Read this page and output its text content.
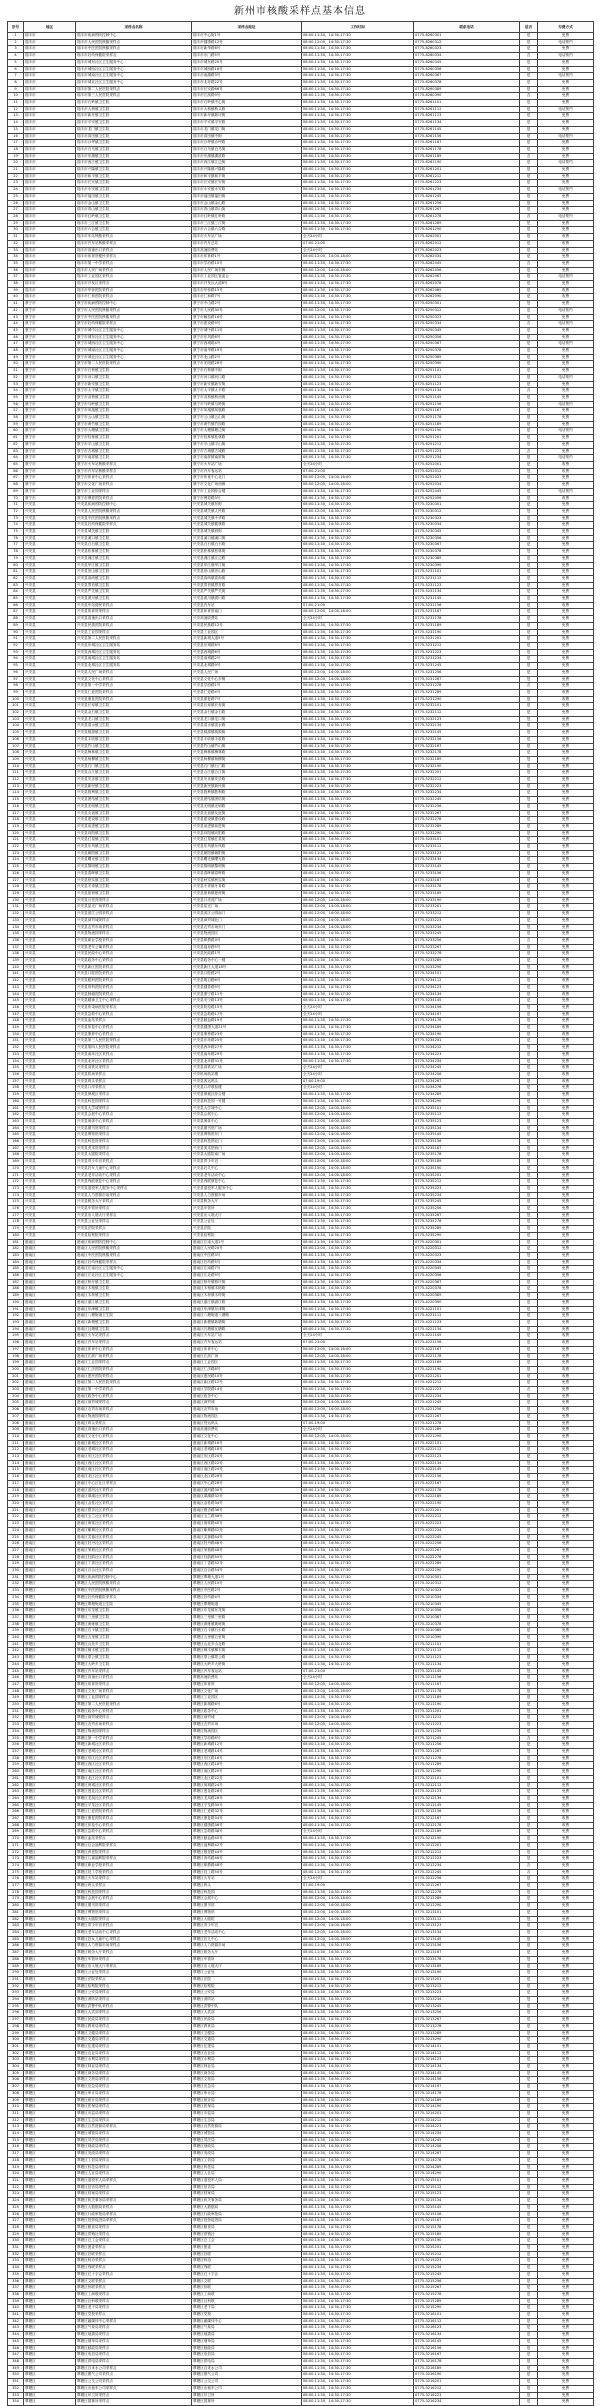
新州市核酸采样点基本信息
序号	地区	采样点名称	采样点地址	工作时间	联系电话	是否	付费方式
1	瑞丰市	瑞丰市疾病预防控制中心	瑞丰市中心街1号	08:00-11:30，14:30-17:30	0775-8260301	是	免费
2	瑞丰市	瑞丰市人民医院核酸采样点	瑞丰市健康路12号	08:00-12:00，14:30-17:30	0775-8260312	是	电话预约
3	瑞丰市	瑞丰市中医医院核酸采样点	瑞丰市新华路8号	08:00-11:30，14:30-17:30	0775-8260323	是	免费
4	瑞丰市	瑞丰市妇幼保健院采样点	瑞丰市东门路5号	08:00-11:30，14:30-17:30	0775-8260334	否	电话预约
5	瑞丰市	瑞丰市城东社区卫生服务中心	瑞丰市城东路20号	08:00-11:30，14:30-17:30	0775-8260345	是	免费
6	瑞丰市	瑞丰市城西社区卫生服务中心	瑞丰市城西路18号	08:00-11:30，14:30-17:30	0775-8260356	是	免费
7	瑞丰市	瑞丰市城南社区卫生服务中心	瑞丰市南湖路3号	08:00-11:30，14:30-17:30	0775-8260367	是	电话预约
8	瑞丰市	瑞丰市城北社区卫生服务中心	瑞丰市北环路22号	08:00-11:30，14:30-17:30	0775-8260378	是	免费
9	瑞丰市	瑞丰市第二人民医院采样点	瑞丰市长安路66号	08:00-11:30，14:30-17:30	0775-8260389	是	免费
10	瑞丰市	瑞丰市第三人民医院采样点	瑞丰市江滨路9号	08:00-11:30，14:30-17:30	0775-8260390	否	免费
11	瑞丰市	瑞丰市石岭镇卫生院	瑞丰市石岭镇中心街	08:00-11:30，14:30-17:30	0775-8261101	是	免费
12	瑞丰市	瑞丰市大桥镇卫生院	瑞丰市大桥镇桥头路	08:00-11:30，14:30-17:30	0775-8261112	是	电话预约
13	瑞丰市	瑞丰市新圩镇卫生院	瑞丰市新圩镇新圩街	08:00-11:30，14:30-17:30	0775-8261123	是	免费
14	瑞丰市	瑞丰市平安镇卫生院	瑞丰市平安镇平安路	08:00-11:30，14:30-17:30	0775-8261134	是	免费
15	瑞丰市	瑞丰市龙门镇卫生院	瑞丰市龙门镇龙门街	08:00-11:30，14:30-17:30	0775-8261145	是	免费
16	瑞丰市	瑞丰市高田镇卫生院	瑞丰市高田镇中街	08:00-11:30，14:30-17:30	0775-8261156	是	电话预约
17	瑞丰市	瑞丰市沙坪镇卫生院	瑞丰市沙坪镇沙坪路	08:00-11:30，14:30-17:30	0775-8261167	是	免费
18	瑞丰市	瑞丰市白马镇卫生院	瑞丰市白马镇白马街	08:00-11:30，14:30-17:30	0775-8261178	是	免费
19	瑞丰市	瑞丰市东湖镇卫生院	瑞丰市东湖镇湖滨路	08:00-11:30，14:30-17:30	0775-8261189	否	免费
20	瑞丰市	瑞丰市西江镇卫生院	瑞丰市西江镇江边街	08:00-11:30，14:30-17:30	0775-8261190	是	电话预约
21	瑞丰市	瑞丰市兴隆镇卫生院	瑞丰市兴隆镇兴隆路	08:00-11:30，14:30-17:30	0775-8261201	是	免费
22	瑞丰市	瑞丰市和平镇卫生院	瑞丰市和平镇和平街	08:00-11:30，14:30-17:30	0775-8261212	是	免费
23	瑞丰市	瑞丰市长安镇卫生院	瑞丰市长安镇长安街	08:00-11:30，14:30-17:30	0775-8261223	是	免费
24	瑞丰市	瑞丰市永安镇卫生院	瑞丰市永安镇永安路	08:00-11:30，14:30-17:30	0775-8261234	是	电话预约
25	瑞丰市	瑞丰市福田镇卫生院	瑞丰市福田镇福田街	08:00-11:30，14:30-17:30	0775-8261245	是	免费
26	瑞丰市	瑞丰市金山镇卫生院	瑞丰市金山镇金山路	08:00-11:30，14:30-17:30	0775-8261256	是	免费
27	瑞丰市	瑞丰市青山镇卫生院	瑞丰市青山镇青山街	08:00-11:30，14:30-17:30	0775-8261267	是	免费
28	瑞丰市	瑞丰市红岭镇卫生院	瑞丰市红岭镇红岭路	08:00-11:30，14:30-17:30	0775-8261278	否	电话预约
29	瑞丰市	瑞丰市三江镇卫生院	瑞丰市三江镇三江街	08:00-11:30，14:30-17:30	0775-8261289	是	免费
30	瑞丰市	瑞丰市六合镇卫生院	瑞丰市六合镇六合路	08:00-11:30，14:30-17:30	0775-8261290	是	免费
31	瑞丰市	瑞丰市车站核酸采样点	瑞丰市火车站广场	全天24小时	0775-8262001	是	收费
32	瑞丰市	瑞丰市汽车站核酸采样点	瑞丰市汽车总站	07:00-21:00	0775-8262012	是	收费
33	瑞丰市	瑞丰市高速出口采样点	瑞丰高速收费站	全天24小时	0775-8262023	是	免费
34	瑞丰市	瑞丰市体育馆便民采样点	瑞丰市体育路1号	08:00-12:00，14:00-18:00	0775-8262034	是	免费
35	瑞丰市	瑞丰市第一中学采样点	瑞丰市学府路10号	08:00-11:30，14:30-17:30	0775-8262045	否	免费
36	瑞丰市	瑞丰市人民广场采样点	瑞丰市人民广场东侧	08:00-12:00，14:00-18:00	0775-8262056	是	免费
37	瑞丰市	瑞丰市工业园区采样点	瑞丰市工业园区管委会	08:00-11:30，14:30-17:30	0775-8262067	是	电话预约
38	瑞丰市	瑞丰市开发区采样点	瑞丰市开发区大道8号	08:00-11:30，14:30-17:30	0775-8262078	是	免费
39	瑞丰市	瑞丰市华侨医院采样点	瑞丰市华侨路15号	08:00-11:30，14:30-17:30	0775-8262089	是	收费
40	瑞丰市	瑞丰市仁和医院采样点	瑞丰市仁和路7号	08:00-11:30，14:30-17:30	0775-8262090	是	收费
41	康宁市	康宁市疾病预防控制中心	康宁市中山路2号	08:00-11:30，14:30-17:30	0775-6250301	是	免费
42	康宁市	康宁市人民医院核酸采样点	康宁市人民路30号	08:00-12:00，14:30-17:30	0775-6250312	是	电话预约
43	康宁市	康宁市中医医院核酸采样点	康宁市解放路16号	08:00-11:30，14:30-17:30	0775-6250323	是	免费
44	康宁市	康宁市妇幼保健院采样点	康宁市建设路9号	08:00-11:30，14:30-17:30	0775-6250334	否	电话预约
45	康宁市	康宁市城中社区卫生服务中心	康宁市城中路11号	08:00-11:30，14:30-17:30	0775-6250345	是	免费
46	康宁市	康宁市城东社区卫生服务中心	康宁市东风路6号	08:00-11:30，14:30-17:30	0775-6250356	是	免费
47	康宁市	康宁市城西社区卫生服务中心	康宁市西城路4号	08:00-11:30，14:30-17:30	0775-6250367	是	电话预约
48	康宁市	康宁市城南社区卫生服务中心	康宁市南华路19号	08:00-11:30，14:30-17:30	0775-6250378	是	免费
49	康宁市	康宁市城北社区卫生服务中心	康宁市北山路2号	08:00-11:30，14:30-17:30	0775-6250389	是	免费
50	康宁市	康宁市第二人民医院采样点	康宁市光明路28号	08:00-11:30，14:30-17:30	0775-6250390	是	免费
51	康宁市	康宁市石桥镇卫生院	康宁市石桥镇中街	08:00-11:30，14:30-17:30	0775-6251101	是	免费
52	康宁市	康宁市河口镇卫生院	康宁市河口镇河口路	08:00-11:30，14:30-17:30	0775-6251112	是	电话预约
53	康宁市	康宁市新安镇卫生院	康宁市新安镇新安街	08:00-11:30，14:30-17:30	0775-6251123	是	免费
54	康宁市	康宁市太平镇卫生院	康宁市太平镇太平路	08:00-11:30，14:30-17:30	0775-6251134	否	免费
55	康宁市	康宁市双桥镇卫生院	康宁市双桥镇桥西街	08:00-11:30，14:30-17:30	0775-6251145	是	免费
56	康宁市	康宁市马岭镇卫生院	康宁市马岭镇马岭街	08:00-11:30，14:30-17:30	0775-6251156	是	电话预约
57	康宁市	康宁市凤凰镇卫生院	康宁市凤凰镇凤凰路	08:00-11:30，14:30-17:30	0775-6251167	是	免费
58	康宁市	康宁市云山镇卫生院	康宁市云山镇云山街	08:00-11:30，14:30-17:30	0775-6251178	是	免费
59	康宁市	康宁市黄竹镇卫生院	康宁市黄竹镇竹园路	08:00-11:30，14:30-17:30	0775-6251189	是	免费
60	康宁市	康宁市大塘镇卫生院	康宁市大塘镇塘边街	08:00-11:30，14:30-17:30	0775-6251190	是	电话预约
61	康宁市	康宁市桂林镇卫生院	康宁市桂林镇桂林路	08:00-11:30，14:30-17:30	0775-6251201	是	免费
62	康宁市	康宁市平山镇卫生院	康宁市平山镇平山街	08:00-11:30，14:30-17:30	0775-6251212	是	免费
63	康宁市	康宁市古城镇卫生院	康宁市古城镇古城路	08:00-11:30，14:30-17:30	0775-6251223	否	免费
64	康宁市	康宁市南屏镇卫生院	康宁市南屏镇南屏街	08:00-11:30，14:30-17:30	0775-6251234	是	电话预约
65	康宁市	康宁市火车站核酸采样点	康宁市火车站广场	全天24小时	0775-6252001	是	收费
66	康宁市	康宁市汽车站核酸采样点	康宁市汽车客运站	07:00-21:00	0775-6252012	是	收费
67	康宁市	康宁市体育中心采样点	康宁市体育中心北门	08:00-12:00，14:00-18:00	0775-6252023	是	免费
68	康宁市	康宁市文化广场采样点	康宁市文化广场西侧	08:00-12:00，14:00-18:00	0775-6252034	是	免费
69	康宁市	康宁市工业园采样点	康宁市工业园综合楼	08:00-11:30，14:30-17:30	0775-6252045	是	电话预约
70	康宁市	康宁市博爱医院采样点	康宁市博爱路3号	08:00-11:30，14:30-17:30	0775-6252056	是	收费
71	兴安县	兴安县疾病预防控制中心	兴安县城关镇东街	08:00-11:30，14:30-17:30	0775-5230301	是	免费
72	兴安县	兴安县人民医院核酸采样点	兴安县城关镇人民路	08:00-12:00，14:30-17:30	0775-5230312	是	免费
73	兴安县	兴安县中医医院核酸采样点	兴安县城关镇中华路	08:00-11:30，14:30-17:30	0775-5230323	是	免费
74	兴安县	兴安县妇幼保健院采样点	兴安县城关镇健康路	08:00-11:30，14:30-17:30	0775-5230334	是	免费
75	兴安县	兴安县城关镇卫生院	兴安县城关镇西街	08:00-11:30，14:30-17:30	0775-5230345	是	免费
76	兴安县	兴安县溪口镇卫生院	兴安县溪口镇溪口街	08:00-11:30，14:30-17:30	0775-5230356	是	免费
77	兴安县	兴安县白石镇卫生院	兴安县白石镇白石路	08:00-11:30，14:30-17:30	0775-5230367	是	免费
78	兴安县	兴安县松林镇卫生院	兴安县松林镇松林街	08:00-11:30，14:30-17:30	0775-5230378	是	免费
79	兴安县	兴安县湘江镇卫生院	兴安县湘江镇江边路	08:00-11:30，14:30-17:30	0775-5230389	是	免费
80	兴安县	兴安县华江镇卫生院	兴安县华江镇华江街	08:00-11:30，14:30-17:30	0775-5230390	是	免费
81	兴安县	兴安县崇山镇卫生院	兴安县崇山镇崇山路	08:00-11:30，14:30-17:30	0775-5231101	是	免费
82	兴安县	兴安县高尚镇卫生院	兴安县高尚镇高尚街	08:00-11:30，14:30-17:30	0775-5231112	是	免费
83	兴安县	兴安县界首镇卫生院	兴安县界首镇界首路	08:00-11:30，14:30-17:30	0775-5231123	是	免费
84	兴安县	兴安县严关镇卫生院	兴安县严关镇严关街	08:00-11:30，14:30-17:30	0775-5231134	是	免费
85	兴安县	兴安县漠川镇卫生院	兴安县漠川镇漠川路	08:00-11:30，14:30-17:30	0775-5231145	是	免费
86	兴安县	兴安县车站便民采样点	兴安县汽车站	07:00-21:00	0775-5231156	是	收费
87	兴安县	兴安县体育馆采样点	兴安县体育馆南门	08:00-12:00，14:00-18:00	0775-5231167	是	免费
88	兴安县	兴安县高速出口采样点	兴安高速收费站	全天24小时	0775-5231178	是	免费
89	兴安县	兴安县民族医院采样点	兴安县民族路12号	08:00-11:30，14:30-17:30	0775-5231189	是	免费
90	兴安县	兴安县工业园采样点	兴安县工业园区	08:00-11:30，14:30-17:30	0775-5231190	是	免费
91	兴安县	兴安县第二人民医院采样点	兴安县新城大道5号	08:00-11:30，14:30-17:30	0775-5231201	是	免费
92	兴安县	兴安县东城社区卫生服务站	兴安县东城路8号	08:00-11:30，14:30-17:30	0775-5231212	是	免费
93	兴安县	兴安县西城社区卫生服务站	兴安县西城路6号	08:00-11:30，14:30-17:30	0775-5231223	是	免费
94	兴安县	兴安县南城社区卫生服务站	兴安县南城路2号	08:00-11:30，14:30-17:30	0775-5231234	是	免费
95	兴安县	兴安县北城社区卫生服务站	兴安县北城路9号	08:00-11:30，14:30-17:30	0775-5231245	是	免费
96	兴安县	兴安县人民广场采样点	兴安县人民广场	08:00-12:00，14:00-18:00	0775-5231256	是	免费
97	兴安县	兴安县文化中心采样点	兴安县文化中心东侧	08:00-12:00，14:00-18:00	0775-5231267	是	免费
98	兴安县	兴安县第一中学采样点	兴安县学府路1号	08:00-11:30，14:30-17:30	0775-5231278	否	免费
99	兴安县	兴安县仁爱医院采样点	兴安县仁爱路4号	08:00-11:30，14:30-17:30	0775-5231289	是	收费
100	兴安县	兴安县康复医院采样点	兴安县康复路7号	08:00-11:30，14:30-17:30	0775-5231290	是	收费
101	兴安县	兴安县长寿镇卫生院	兴安县长寿镇长寿街	08:00-11:30，14:30-17:30	0775-5232101	是	免费
102	兴安县	兴安县金石镇卫生院	兴安县金石镇金石路	08:00-11:30，14:30-17:30	0775-5232112	是	免费
103	兴安县	兴安县龙口镇卫生院	兴安县龙口镇龙口街	08:00-11:30，14:30-17:30	0775-5232123	是	免费
104	兴安县	兴安县清水镇卫生院	兴安县清水镇清水路	08:00-11:30，14:30-17:30	0775-5232134	是	免费
105	兴安县	兴安县桃源镇卫生院	兴安县桃源镇桃源街	08:00-11:30，14:30-17:30	0775-5232145	是	免费
106	兴安县	兴安县丰收镇卫生院	兴安县丰收镇丰收路	08:00-11:30，14:30-17:30	0775-5232156	是	免费
107	兴安县	兴安县竹山镇卫生院	兴安县竹山镇竹山街	08:00-11:30，14:30-17:30	0775-5232167	是	免费
108	兴安县	兴安县梅林镇卫生院	兴安县梅林镇梅林路	08:00-11:30，14:30-17:30	0775-5232178	是	免费
109	兴安县	兴安县杨柳镇卫生院	兴安县杨柳镇杨柳街	08:00-11:30，14:30-17:30	0775-5232189	是	免费
110	兴安县	兴安县石门镇卫生院	兴安县石门镇石门路	08:00-11:30，14:30-17:30	0775-5232190	是	免费
111	兴安县	兴安县合江镇卫生院	兴安县合江镇合江街	08:00-11:30，14:30-17:30	0775-5232201	是	免费
112	兴安县	兴安县安乐镇卫生院	兴安县安乐镇安乐路	08:00-11:30，14:30-17:30	0775-5232212	是	免费
113	兴安县	兴安县新民镇卫生院	兴安县新民镇新民街	08:00-11:30，14:30-17:30	0775-5232223	是	免费
114	兴安县	兴安县胜利镇卫生院	兴安县胜利镇胜利路	08:00-11:30，14:30-17:30	0775-5232234	是	免费
115	兴安县	兴安县团结镇卫生院	兴安县团结镇团结街	08:00-11:30，14:30-17:30	0775-5232245	是	免费
116	兴安县	兴安县光明镇卫生院	兴安县光明镇光明路	08:00-11:30，14:30-17:30	0775-5232256	是	免费
117	兴安县	兴安县友谊镇卫生院	兴安县友谊镇友谊街	08:00-11:30，14:30-17:30	0775-5232267	是	免费
118	兴安县	兴安县建设镇卫生院	兴安县建设镇建设路	08:00-11:30，14:30-17:30	0775-5232278	是	免费
119	兴安县	兴安县前进镇卫生院	兴安县前进镇前进街	08:00-11:30，14:30-17:30	0775-5232289	是	免费
120	兴安县	兴安县向阳镇卫生院	兴安县向阳镇向阳路	08:00-11:30，14:30-17:30	0775-5232290	是	免费
121	兴安县	兴安县红星镇卫生院	兴安县红星镇红星街	08:00-11:30，14:30-17:30	0775-5233101	是	免费
122	兴安县	兴安县东风镇卫生院	兴安县东风镇东风路	08:00-11:30，14:30-17:30	0775-5233112	是	免费
123	兴安县	兴安县朝阳镇卫生院	兴安县朝阳镇朝阳街	08:00-11:30，14:30-17:30	0775-5233123	是	免费
124	兴安县	兴安县曙光镇卫生院	兴安县曙光镇曙光路	08:00-11:30，14:30-17:30	0775-5233134	是	免费
125	兴安县	兴安县黎明镇卫生院	兴安县黎明镇黎明街	08:00-11:30，14:30-17:30	0775-5233145	是	免费
126	兴安县	兴安县春晖镇卫生院	兴安县春晖镇春晖路	08:00-11:30，14:30-17:30	0775-5233156	是	免费
127	兴安县	兴安县秋实镇卫生院	兴安县秋实镇秋实街	08:00-11:30，14:30-17:30	0775-5233167	是	免费
128	兴安县	兴安县冬青镇卫生院	兴安县冬青镇冬青路	08:00-11:30，14:30-17:30	0775-5233178	是	免费
129	兴安县	兴安县夏荷镇卫生院	兴安县夏荷镇夏荷街	08:00-11:30，14:30-17:30	0775-5233189	是	免费
130	兴安县	兴安县月亮湾采样点	兴安县月亮湾广场	08:00-12:00，14:00-18:00	0775-5233190	是	免费
131	兴安县	兴安县星光广场采样点	兴安县星光广场	08:00-12:00，14:00-18:00	0775-5233201	是	免费
132	兴安县	兴安县滨江公园采样点	兴安县滨江公园南门	08:00-12:00，14:00-18:00	0775-5233212	是	免费
133	兴安县	兴安县商贸城采样点	兴安县商贸城北门	08:00-12:00，14:00-18:00	0775-5233223	是	免费
134	兴安县	兴安县农贸市场采样点	兴安县农贸市场东门	08:00-12:00，14:00-18:00	0775-5233234	是	免费
135	兴安县	兴安县物流园采样点	兴安县物流园区	08:00-11:30，14:30-17:30	0775-5233245	是	免费
136	兴安县	兴安县职业学校采样点	兴安县职教路3号	08:00-11:30，14:30-17:30	0775-5233256	否	免费
137	兴安县	兴安县老年公寓采样点	兴安县福寿路5号	08:00-11:30，14:30-17:30	0775-5233267	是	免费
138	兴安县	兴安县民政中心采样点	兴安县民政路1号	08:00-11:30，14:30-17:30	0775-5233278	是	免费
139	兴安县	兴安县政务中心采样点	兴安县政务中心一楼	08:00-11:30，14:30-17:30	0775-5233289	是	免费
140	兴安县	兴安县新区医院采样点	兴安县新区大道18号	08:00-11:30，14:30-17:30	0775-5233290	是	收费
141	兴安县	兴安县口腔医院采样点	兴安县口腔路2号	08:00-11:30，14:30-17:30	0775-5234101	是	收费
142	兴安县	兴安县眼科医院采样点	兴安县明目路6号	08:00-11:30，14:30-17:30	0775-5234112	是	收费
143	兴安县	兴安县骨科医院采样点	兴安县健骨路9号	08:00-11:30，14:30-17:30	0775-5234123	是	收费
144	兴安县	兴安县肿瘤医院采样点	兴安县康宁路11号	08:00-11:30，14:30-17:30	0775-5234134	是	收费
145	兴安县	兴安县精神卫生中心采样点	兴安县安宁路13号	08:00-11:30，14:30-17:30	0775-5234145	是	免费
146	兴安县	兴安县传染病医院采样点	兴安县防疫路15号	全天24小时	0775-5234156	是	免费
147	兴安县	兴安县急救中心采样点	兴安县急救路17号	全天24小时	0775-5234167	是	免费
148	兴安县	兴安县血站采样点	兴安县献血路19号	08:00-11:30，14:30-17:30	0775-5234178	是	免费
149	兴安县	兴安县体检中心采样点	兴安县健康大道21号	08:00-11:30，14:30-17:30	0775-5234189	是	收费
150	兴安县	兴安县康养中心采样点	兴安县康养路23号	08:00-11:30，14:30-17:30	0775-5234190	是	收费
151	兴安县	兴安县第三人民医院采样点	兴安县东环路25号	08:00-11:30，14:30-17:30	0775-5234201	是	免费
152	兴安县	兴安县第四人民医院采样点	兴安县西环路27号	08:00-11:30，14:30-17:30	0775-5234212	是	免费
153	兴安县	兴安县南环社区采样点	兴安县南环路29号	08:00-11:30，14:30-17:30	0775-5234223	是	免费
154	兴安县	兴安县北环社区采样点	兴安县北环路31号	08:00-11:30，14:30-17:30	0775-5234234	是	免费
155	兴安县	兴安县高铁站采样点	兴安县高铁站广场	全天24小时	0775-5234245	是	收费
156	兴安县	兴安县机场采样点	兴安机场航站楼	全天24小时	0775-5234256	是	收费
157	兴安县	兴安县码头采样点	兴安县客运码头	07:00-19:00	0775-5234267	是	收费
158	兴安县	兴安县口岸采样点	兴安县口岸联检楼	全天24小时	0775-5234278	是	免费
159	兴安县	兴安县保税区采样点	兴安县保税区综合楼	08:00-11:30，14:30-17:30	0775-5234289	是	免费
160	兴安县	兴安县科技园采样点	兴安县科技园一号楼	08:00-11:30，14:30-17:30	0775-5234290	是	免费
161	兴安县	兴安县大学城采样点	兴安县大学城中心	08:00-12:00，14:00-18:00	0775-5235101	是	免费
162	兴安县	兴安县会展中心采样点	兴安县会展中心	08:00-12:00，14:00-18:00	0775-5235112	是	免费
163	兴安县	兴安县奥体中心采样点	兴安县奥体中心	08:00-12:00，14:00-18:00	0775-5235123	是	免费
164	兴安县	兴安县图书馆采样点	兴安县图书馆广场	08:00-12:00，14:00-18:00	0775-5235134	是	免费
165	兴安县	兴安县博物馆采样点	兴安县博物馆东门	08:00-12:00，14:00-18:00	0775-5235145	是	免费
166	兴安县	兴安县科技馆采样点	兴安县科技馆北门	08:00-12:00，14:00-18:00	0775-5235156	是	免费
167	兴安县	兴安县美术馆采样点	兴安县美术馆西门	08:00-12:00，14:00-18:00	0775-5235167	是	免费
168	兴安县	兴安县大剧院采样点	兴安县大剧院南广场	08:00-12:00，14:00-18:00	0775-5235178	是	免费
169	兴安县	兴安县青少年宫采样点	兴安县青少年宫	08:00-12:00，14:00-18:00	0775-5235189	是	免费
170	兴安县	兴安县妇女儿童中心采样点	兴安县妇儿中心	08:00-12:00，14:00-18:00	0775-5235190	是	免费
171	兴安县	兴安县老年活动中心采样点	兴安县老年活动中心	08:00-12:00，14:00-18:00	0775-5235201	是	免费
172	兴安县	兴安县残联康复中心采样点	兴安县残联康复中心	08:00-11:30，14:30-17:30	0775-5235212	是	免费
173	兴安县	兴安县退役军人服务中心采样点	兴安县退役军人服务中心	08:00-11:30，14:30-17:30	0775-5235223	是	免费
174	兴安县	兴安县人力资源市场采样点	兴安县人力资源市场	08:00-11:30，14:30-17:30	0775-5235234	是	免费
175	兴安县	兴安县税务大厅采样点	兴安县税务大厅	08:00-11:30，14:30-17:30	0775-5235245	是	免费
176	兴安县	兴安县车管所采样点	兴安县车管所	08:00-11:30，14:30-17:30	0775-5235256	是	免费
177	兴安县	兴安县出入境大厅采样点	兴安县出入境大厅	08:00-11:30，14:30-17:30	0775-5235267	是	免费
178	兴安县	兴安县公证处采样点	兴安县公证处	08:00-11:30，14:30-17:30	0775-5235278	是	免费
179	兴安县	兴安县法院采样点	兴安县法院	08:00-11:30，14:30-17:30	0775-5235289	是	免费
180	兴安县	兴安县检察院采样点	兴安县检察院	08:00-11:30，14:30-17:30	0775-5235290	是	免费
181	港南区	港南区疾病预防控制中心	港南区江南大道1号	08:00-11:30，14:30-17:30	0775-4220301	是	免费
182	港南区	港南区人民医院核酸采样点	港南区人民路20号	08:00-12:00，14:30-17:30	0775-4220312	是	免费
183	港南区	港南区中医医院核酸采样点	港南区中医路3号	08:00-11:30，14:30-17:30	0775-4220323	是	免费
184	港南区	港南区妇幼保健院采样点	港南区妇幼路5号	08:00-11:30，14:30-17:30	0775-4220334	是	免费
185	港南区	港南区江南社区卫生服务中心	港南区江南路7号	08:00-11:30，14:30-17:30	0775-4220345	是	免费
186	港南区	港南区江北社区卫生服务中心	港南区江北路9号	08:00-11:30，14:30-17:30	0775-4220356	是	免费
187	港南区	港南区桥圩镇卫生院	港南区桥圩镇桥圩街	08:00-11:30，14:30-17:30	0775-4220367	是	免费
188	港南区	港南区木格镇卫生院	港南区木格镇木格路	08:00-11:30，14:30-17:30	0775-4220378	是	免费
189	港南区	港南区木梓镇卫生院	港南区木梓镇木梓街	08:00-11:30，14:30-17:30	0775-4220389	是	免费
190	港南区	港南区湛江镇卫生院	港南区湛江镇湛江路	08:00-11:30，14:30-17:30	0775-4220390	是	免费
191	港南区	港南区东津镇卫生院	港南区东津镇东津街	08:00-11:30，14:30-17:30	0775-4221101	是	免费
192	港南区	港南区八塘街道卫生院	港南区八塘街道八塘路	08:00-11:30，14:30-17:30	0775-4221112	是	免费
193	港南区	港南区新塘镇卫生院	港南区新塘镇新塘街	08:00-11:30，14:30-17:30	0775-4221123	是	免费
194	港南区	港南区瓦塘镇卫生院	港南区瓦塘镇瓦塘路	08:00-11:30，14:30-17:30	0775-4221134	是	免费
195	港南区	港南区火车站采样点	港南区火车站广场	全天24小时	0775-4221145	是	收费
196	港南区	港南区汽车站采样点	港南区汽车客运站	07:00-21:00	0775-4221156	是	收费
197	港南区	港南区体育中心采样点	港南区体育中心	08:00-12:00，14:00-18:00	0775-4221167	是	免费
198	港南区	港南区江滨广场采样点	港南区江滨广场	08:00-12:00，14:00-18:00	0775-4221178	是	免费
199	港南区	港南区工业园采样点	港南区工业园区	08:00-11:30，14:30-17:30	0775-4221189	是	免费
200	港南区	港南区仁济医院采样点	港南区仁济路8号	08:00-11:30，14:30-17:30	0775-4221190	是	收费
201	港南区	港南区惠民医院采样点	港南区惠民路10号	08:00-11:30，14:30-17:30	0775-4221201	是	收费
202	港南区	港南区第二人民医院采样点	港南区新区路12号	08:00-11:30，14:30-17:30	0775-4221212	是	免费
203	港南区	港南区第一中学采样点	港南区学院路14号	08:00-11:30，14:30-17:30	0775-4221223	否	免费
204	港南区	港南区政务中心采样点	港南区政务中心	08:00-11:30，14:30-17:30	0775-4221234	是	免费
205	港南区	港南区商贸城采样点	港南区商贸城	08:00-12:00，14:00-18:00	0775-4221245	是	免费
206	港南区	港南区农贸市场采样点	港南区农贸市场	08:00-12:00，14:00-18:00	0775-4221256	是	免费
207	港南区	港南区物流园采样点	港南区物流园区	08:00-11:30，14:30-17:30	0775-4221267	是	免费
208	港南区	港南区码头采样点	港南区货运码头	07:00-19:00	0775-4221278	是	免费
209	港南区	港南区高速出口采样点	港南高速收费站	全天24小时	0775-4221289	是	免费
210	港南区	港南区文化中心采样点	港南区文化中心	08:00-12:00，14:00-18:00	0775-4221290	是	免费
211	港南区	港南区新城社区采样点	港南区新城路16号	08:00-11:30，14:30-17:30	0775-4222101	是	免费
212	港南区	港南区老城社区采样点	港南区老城路18号	08:00-11:30，14:30-17:30	0775-4222112	是	免费
213	港南区	港南区东区社区采样点	港南区东区路20号	08:00-11:30，14:30-17:30	0775-4222123	是	免费
214	港南区	港南区西区社区采样点	港南区西区路22号	08:00-11:30，14:30-17:30	0775-4222134	是	免费
215	港南区	港南区南区社区采样点	港南区南区路24号	08:00-11:30，14:30-17:30	0775-4222145	是	免费
216	港南区	港南区北区社区采样点	港南区北区路26号	08:00-11:30，14:30-17:30	0775-4222156	是	免费
217	港南区	港南区中心区社区采样点	港南区中心路28号	08:00-11:30，14:30-17:30	0775-4222167	是	免费
218	港南区	港南区滨河社区采样点	港南区滨河路30号	08:00-11:30，14:30-17:30	0775-4222178	是	免费
219	港南区	港南区翠湖社区采样点	港南区翠湖路32号	08:00-11:30，14:30-17:30	0775-4222189	是	免费
220	港南区	港南区金桂社区采样点	港南区金桂路34号	08:00-11:30，14:30-17:30	0775-4222190	是	免费
221	港南区	港南区银杏社区采样点	港南区银杏路36号	08:00-11:30，14:30-17:30	0775-4222201	是	免费
222	港南区	港南区玉兰社区采样点	港南区玉兰路38号	08:00-11:30，14:30-17:30	0775-4222212	是	免费
223	港南区	港南区海棠社区采样点	港南区海棠路40号	08:00-11:30，14:30-17:30	0775-4222223	是	免费
224	港南区	港南区紫荆社区采样点	港南区紫荆路42号	08:00-11:30，14:30-17:30	0775-4222234	是	免费
225	港南区	港南区芙蓉社区采样点	港南区芙蓉路44号	08:00-11:30，14:30-17:30	0775-4222245	是	免费
226	港南区	港南区牡丹社区采样点	港南区牡丹路46号	08:00-11:30，14:30-17:30	0775-4222256	是	免费
227	港南区	港南区茉莉社区采样点	港南区茉莉路48号	08:00-11:30，14:30-17:30	0775-4222267	是	免费
228	港南区	港南区杜鹃社区采样点	港南区杜鹃路50号	08:00-11:30，14:30-17:30	0775-4222278	是	免费
229	港南区	港南区丁香社区采样点	港南区丁香路52号	08:00-11:30，14:30-17:30	0775-4222289	是	免费
230	港南区	港南区百合社区采样点	港南区百合路54号	08:00-11:30，14:30-17:30	0775-4222290	是	免费
231	覃塘区	覃塘区疾病预防控制中心	覃塘区覃塘大道1号	08:00-11:30，14:30-17:30	0775-3210301	是	免费
232	覃塘区	覃塘区人民医院核酸采样点	覃塘区人民路10号	08:00-12:00，14:30-17:30	0775-3210312	是	免费
233	覃塘区	覃塘区中医医院核酸采样点	覃塘区中医路2号	08:00-11:30，14:30-17:30	0775-3210323	是	免费
234	覃塘区	覃塘区妇幼保健院采样点	覃塘区妇幼路4号	08:00-11:30，14:30-17:30	0775-3210334	是	免费
235	覃塘区	覃塘区覃塘街道卫生院	覃塘区覃塘街道	08:00-11:30，14:30-17:30	0775-3210345	是	免费
236	覃塘区	覃塘区东龙镇卫生院	覃塘区东龙镇东龙街	08:00-11:30，14:30-17:30	0775-3210356	是	免费
237	覃塘区	覃塘区三里镇卫生院	覃塘区三里镇三里路	08:00-11:30，14:30-17:30	0775-3210367	是	免费
238	覃塘区	覃塘区黄练镇卫生院	覃塘区黄练镇黄练街	08:00-11:30，14:30-17:30	0775-3210378	是	免费
239	覃塘区	覃塘区石卡镇卫生院	覃塘区石卡镇石卡路	08:00-11:30，14:30-17:30	0775-3210389	是	免费
240	覃塘区	覃塘区五里镇卫生院	覃塘区五里镇五里街	08:00-11:30，14:30-17:30	0775-3210390	是	免费
241	覃塘区	覃塘区山北乡卫生院	覃塘区山北乡山北路	08:00-11:30，14:30-17:30	0775-3211101	是	免费
242	覃塘区	覃塘区樟木镇卫生院	覃塘区樟木镇樟木街	08:00-11:30，14:30-17:30	0775-3211112	是	免费
243	覃塘区	覃塘区蒙公镇卫生院	覃塘区蒙公镇蒙公路	08:00-11:30，14:30-17:30	0775-3211123	是	免费
244	覃塘区	覃塘区大岭乡卫生院	覃塘区大岭乡大岭街	08:00-11:30，14:30-17:30	0775-3211134	是	免费
245	覃塘区	覃塘区汽车站采样点	覃塘区汽车客运站	07:00-21:00	0775-3211145	是	收费
246	覃塘区	覃塘区高速出口采样点	覃塘高速收费站	全天24小时	0775-3211156	是	免费
247	覃塘区	覃塘区体育馆采样点	覃塘区体育馆	08:00-12:00，14:00-18:00	0775-3211167	是	免费
248	覃塘区	覃塘区文化广场采样点	覃塘区文化广场	08:00-12:00，14:00-18:00	0775-3211178	是	免费
249	覃塘区	覃塘区工业园采样点	覃塘区工业园区	08:00-11:30，14:30-17:30	0775-3211189	是	免费
250	覃塘区	覃塘区第二人民医院采样点	覃塘区新城路6号	08:00-11:30，14:30-17:30	0775-3211190	是	免费
251	覃塘区	覃塘区政务中心采样点	覃塘区政务中心	08:00-11:30，14:30-17:30	0775-3211201	是	免费
252	覃塘区	覃塘区商贸城采样点	覃塘区商贸城	08:00-12:00，14:00-18:00	0775-3211212	是	免费
253	覃塘区	覃塘区农贸市场采样点	覃塘区农贸市场	08:00-12:00，14:00-18:00	0775-3211223	是	免费
254	覃塘区	覃塘区物流园采样点	覃塘区物流园区	08:00-11:30，14:30-17:30	0775-3211234	是	免费
255	覃塘区	覃塘区第一中学采样点	覃塘区学府路8号	08:00-11:30，14:30-17:30	0775-3211245	否	免费
256	覃塘区	覃塘区新城社区采样点	覃塘区新城路12号	08:00-11:30，14:30-17:30	0775-3211256	是	免费
257	覃塘区	覃塘区老城社区采样点	覃塘区老城路14号	08:00-11:30，14:30-17:30	0775-3211267	是	免费
258	覃塘区	覃塘区东区社区采样点	覃塘区东区路16号	08:00-11:30，14:30-17:30	0775-3211278	是	免费
259	覃塘区	覃塘区西区社区采样点	覃塘区西区路18号	08:00-11:30，14:30-17:30	0775-3211289	是	免费
260	覃塘区	覃塘区南区社区采样点	覃塘区南区路20号	08:00-11:30，14:30-17:30	0775-3211290	是	免费
261	覃塘区	覃塘区北区社区采样点	覃塘区北区路22号	08:00-11:30，14:30-17:30	0775-3212101	是	免费
262	覃塘区	覃塘区荷城社区采样点	覃塘区荷城路24号	08:00-11:30，14:30-17:30	0775-3212112	是	免费
263	覃塘区	覃塘区莲花社区采样点	覃塘区莲花路26号	08:00-11:30，14:30-17:30	0775-3212123	是	免费
264	覃塘区	覃塘区龙凤社区采样点	覃塘区龙凤路28号	08:00-11:30，14:30-17:30	0775-3212134	是	免费
265	覃塘区	覃塘区平龙社区采样点	覃塘区平龙路30号	08:00-11:30，14:30-17:30	0775-3212145	是	免费
266	覃塘区	覃塘区仁爱医院采样点	覃塘区仁爱路32号	08:00-11:30，14:30-17:30	0775-3212156	是	收费
267	覃塘区	覃塘区康复医院采样点	覃塘区康复路34号	08:00-11:30，14:30-17:30	0775-3212167	是	收费
268	覃塘区	覃塘区体检中心采样点	覃塘区健康路36号	08:00-11:30，14:30-17:30	0775-3212178	是	收费
269	覃塘区	覃塘区急救中心采样点	覃塘区急救路38号	全天24小时	0775-3212189	是	免费
270	覃塘区	覃塘区血站采样点	覃塘区献血路40号	08:00-11:30，14:30-17:30	0775-3212190	是	免费
271	覃塘区	覃塘区社会福利院采样点	覃塘区福利路42号	08:00-11:30，14:30-17:30	0775-3212201	是	免费
272	覃塘区	覃塘区养老院采样点	覃塘区敬老路44号	08:00-11:30，14:30-17:30	0775-3212212	是	免费
273	覃塘区	覃塘区儿童福利院采样点	覃塘区育幼路46号	08:00-11:30，14:30-17:30	0775-3212223	是	免费
274	覃塘区	覃塘区职业学校采样点	覃塘区职教路48号	08:00-11:30，14:30-17:30	0775-3212234	否	免费
275	覃塘区	覃塘区技工学校采样点	覃塘区技工路50号	08:00-11:30，14:30-17:30	0775-3212245	否	免费
276	覃塘区	覃塘区火车站采样点	覃塘区火车站	全天24小时	0775-3212256	是	收费
277	覃塘区	覃塘区码头采样点	覃塘区码头	07:00-19:00	0775-3212267	是	免费
278	覃塘区	覃塘区科技园采样点	覃塘区科技园	08:00-11:30，14:30-17:30	0775-3212278	是	免费
279	覃塘区	覃塘区会展中心采样点	覃塘区会展中心	08:00-12:00，14:00-18:00	0775-3212289	是	免费
280	覃塘区	覃塘区图书馆采样点	覃塘区图书馆	08:00-12:00，14:00-18:00	0775-3212290	是	免费
281	覃塘区	覃塘区博物馆采样点	覃塘区博物馆	08:00-12:00，14:00-18:00	0775-3213101	是	免费
282	覃塘区	覃塘区大剧院采样点	覃塘区大剧院	08:00-12:00，14:00-18:00	0775-3213112	是	免费
283	覃塘区	覃塘区青少年宫采样点	覃塘区青少年宫	08:00-12:00，14:00-18:00	0775-3213123	是	免费
284	覃塘区	覃塘区老年活动中心采样点	覃塘区老年活动中心	08:00-12:00，14:00-18:00	0775-3213134	是	免费
285	覃塘区	覃塘区妇女儿童中心采样点	覃塘区妇儿中心	08:00-12:00，14:00-18:00	0775-3213145	是	免费
286	覃塘区	覃塘区人力资源市场采样点	覃塘区人力资源市场	08:00-11:30，14:30-17:30	0775-3213156	是	免费
287	覃塘区	覃塘区税务大厅采样点	覃塘区税务大厅	08:00-11:30，14:30-17:30	0775-3213167	是	免费
288	覃塘区	覃塘区车管所采样点	覃塘区车管所	08:00-11:30，14:30-17:30	0775-3213178	是	免费
289	覃塘区	覃塘区出入境大厅采样点	覃塘区出入境大厅	08:00-11:30，14:30-17:30	0775-3213189	是	免费
290	覃塘区	覃塘区公证处采样点	覃塘区公证处	08:00-11:30，14:30-17:30	0775-3213190	是	免费
291	覃塘区	覃塘区法院采样点	覃塘区法院	08:00-11:30，14:30-17:30	0775-3213201	是	免费
292	覃塘区	覃塘区检察院采样点	覃塘区检察院	08:00-11:30，14:30-17:30	0775-3213212	是	免费
293	覃塘区	覃塘区公安局采样点	覃塘区公安局	08:00-11:30，14:30-17:30	0775-3213223	是	免费
294	覃塘区	覃塘区消防站采样点	覃塘区消防站	08:00-11:30，14:30-17:30	0775-3213234	是	免费
295	覃塘区	覃塘区武警中队采样点	覃塘区武警中队	08:00-11:30，14:30-17:30	0775-3213245	是	免费
296	覃塘区	覃塘区人武部采样点	覃塘区人武部	08:00-11:30，14:30-17:30	0775-3213256	是	免费
297	覃塘区	覃塘区民政局采样点	覃塘区民政局	08:00-11:30，14:30-17:30	0775-3213267	是	免费
298	覃塘区	覃塘区教育局采样点	覃塘区教育局	08:00-11:30，14:30-17:30	0775-3213278	是	免费
299	覃塘区	覃塘区卫健局采样点	覃塘区卫健局	08:00-11:30，14:30-17:30	0775-3213289	是	免费
300	覃塘区	覃塘区交通局采样点	覃塘区交通局	08:00-11:30，14:30-17:30	0775-3213290	是	免费
301	覃塘区	覃塘区住建局采样点	覃塘区住建局	08:00-11:30，14:30-17:30	0775-3214101	是	免费
302	覃塘区	覃塘区农业局采样点	覃塘区农业局	08:00-11:30，14:30-17:30	0775-3214112	是	免费
303	覃塘区	覃塘区水利局采样点	覃塘区水利局	08:00-11:30，14:30-17:30	0775-3214123	是	免费
304	覃塘区	覃塘区林业局采样点	覃塘区林业局	08:00-11:30，14:30-17:30	0775-3214134	是	免费
305	覃塘区	覃塘区商务局采样点	覃塘区商务局	08:00-11:30，14:30-17:30	0775-3214145	是	免费
306	覃塘区	覃塘区文旅局采样点	覃塘区文旅局	08:00-11:30，14:30-17:30	0775-3214156	是	免费
307	覃塘区	覃塘区应急局采样点	覃塘区应急局	08:00-11:30，14:30-17:30	0775-3214167	是	免费
308	覃塘区	覃塘区审计局采样点	覃塘区审计局	08:00-11:30，14:30-17:30	0775-3214178	是	免费
309	覃塘区	覃塘区统计局采样点	覃塘区统计局	08:00-11:30，14:30-17:30	0775-3214189	是	免费
310	覃塘区	覃塘区医保局采样点	覃塘区医保局	08:00-11:30，14:30-17:30	0775-3214190	是	免费
311	覃塘区	覃塘区市监局采样点	覃塘区市监局	08:00-11:30，14:30-17:30	0775-3214201	是	免费
312	覃塘区	覃塘区生态局采样点	覃塘区生态局	08:00-11:30，14:30-17:30	0775-3214212	是	免费
313	覃塘区	覃塘区自然资源局采样点	覃塘区自然资源局	08:00-11:30，14:30-17:30	0775-3214223	是	免费
314	覃塘区	覃塘区城管局采样点	覃塘区城管局	08:00-11:30，14:30-17:30	0775-3214234	是	免费
315	覃塘区	覃塘区司法局采样点	覃塘区司法局	08:00-11:30，14:30-17:30	0775-3214245	是	免费
316	覃塘区	覃塘区财政局采样点	覃塘区财政局	08:00-11:30，14:30-17:30	0775-3214256	是	免费
317	覃塘区	覃塘区发改局采样点	覃塘区发改局	08:00-11:30，14:30-17:30	0775-3214267	是	免费
318	覃塘区	覃塘区工信局采样点	覃塘区工信局	08:00-11:30，14:30-17:30	0775-3214278	是	免费
319	覃塘区	覃塘区科技局采样点	覃塘区科技局	08:00-11:30，14:30-17:30	0775-3214289	是	免费
320	覃塘区	覃塘区人社局采样点	覃塘区人社局	08:00-11:30，14:30-17:30	0775-3214290	是	免费
321	覃塘区	覃塘区退役军人局采样点	覃塘区退役军人局	08:00-11:30，14:30-17:30	0775-3215101	是	免费
322	覃塘区	覃塘区信访局采样点	覃塘区信访局	08:00-11:30，14:30-17:30	0775-3215112	是	免费
323	覃塘区	覃塘区档案局采样点	覃塘区档案局	08:00-11:30，14:30-17:30	0775-3215123	是	免费
324	覃塘区	覃塘区机关事务局采样点	覃塘区机关事务局	08:00-11:30，14:30-17:30	0775-3215134	是	免费
325	覃塘区	覃塘区大数据局采样点	覃塘区大数据局	08:00-11:30，14:30-17:30	0775-3215145	是	免费
326	覃塘区	覃塘区行政审批局采样点	覃塘区行政审批局	08:00-11:30，14:30-17:30	0775-3215156	是	免费
327	覃塘区	覃塘区投资促进局采样点	覃塘区投资促进局	08:00-11:30，14:30-17:30	0775-3215167	是	免费
328	覃塘区	覃塘区粮食局采样点	覃塘区粮食局	08:00-11:30，14:30-17:30	0775-3215178	是	免费
329	覃塘区	覃塘区供销社采样点	覃塘区供销社	08:00-11:30，14:30-17:30	0775-3215189	是	免费
330	覃塘区	覃塘区总工会采样点	覃塘区总工会	08:00-11:30，14:30-17:30	0775-3215190	是	免费
331	覃塘区	覃塘区团委采样点	覃塘区团委	08:00-11:30，14:30-17:30	0775-3215201	是	免费
332	覃塘区	覃塘区妇联采样点	覃塘区妇联	08:00-11:30，14:30-17:30	0775-3215212	是	免费
333	覃塘区	覃塘区科协采样点	覃塘区科协	08:00-11:30，14:30-17:30	0775-3215223	是	免费
334	覃塘区	覃塘区残联采样点	覃塘区残联	08:00-11:30，14:30-17:30	0775-3215234	是	免费
335	覃塘区	覃塘区红十字会采样点	覃塘区红十字会	08:00-11:30，14:30-17:30	0775-3215245	是	免费
336	覃塘区	覃塘区文联采样点	覃塘区文联	08:00-11:30，14:30-17:30	0775-3215256	是	免费
337	覃塘区	覃塘区侨联采样点	覃塘区侨联	08:00-11:30，14:30-17:30	0775-3215267	是	免费
338	覃塘区	覃塘区工商联采样点	覃塘区工商联	08:00-11:30，14:30-17:30	0775-3215278	是	免费
339	覃塘区	覃塘区社科联采样点	覃塘区社科联	08:00-11:30，14:30-17:30	0775-3215289	是	免费
340	覃塘区	覃塘区老干局采样点	覃塘区老干局	08:00-11:30，14:30-17:30	0775-3215290	是	免费
341	覃塘区	覃塘区党校采样点	覃塘区党校	08:00-11:30，14:30-17:30	0775-3216101	是	免费
342	覃塘区	覃塘区融媒体中心采样点	覃塘区融媒体中心	08:00-11:30，14:30-17:30	0775-3216112	是	免费
343	覃塘区	覃塘区气象局采样点	覃塘区气象局	08:00-11:30，14:30-17:30	0775-3216123	是	免费
344	覃塘区	覃塘区地震局采样点	覃塘区地震局	08:00-11:30，14:30-17:30	0775-3216134	是	免费
345	覃塘区	覃塘区烟草局采样点	覃塘区烟草局	08:00-11:30，14:30-17:30	0775-3216145	是	免费
346	覃塘区	覃塘区邮政局采样点	覃塘区邮政局	08:00-11:30，14:30-17:30	0775-3216156	是	免费
347	覃塘区	覃塘区电信局采样点	覃塘区电信局	08:00-11:30，14:30-17:30	0775-3216167	是	免费
348	覃塘区	覃塘区供电局采样点	覃塘区供电局	08:00-11:30，14:30-17:30	0775-3216178	是	免费
349	覃塘区	覃塘区自来水公司采样点	覃塘区自来水公司	08:00-11:30，14:30-17:30	0775-3216189	是	免费
350	覃塘区	覃塘区燃气公司采样点	覃塘区燃气公司	08:00-11:30，14:30-17:30	0775-3216190	是	免费
351	覃塘区	覃塘区公交公司采样点	覃塘区公交公司	08:00-11:30，14:30-17:30	0775-3216201	是	免费
352	覃塘区	覃塘区出租车公司采样点	覃塘区出租车公司	08:00-11:30，14:30-17:30	0775-3216212	是	免费
353	覃塘区	覃塘区环卫所采样点	覃塘区环卫所	08:00-11:30，14:30-17:30	0775-3216223	是	免费
354	覃塘区	覃塘区园林所采样点	覃塘区园林所	08:00-11:30，14:30-17:30	0775-3216234	是	免费
